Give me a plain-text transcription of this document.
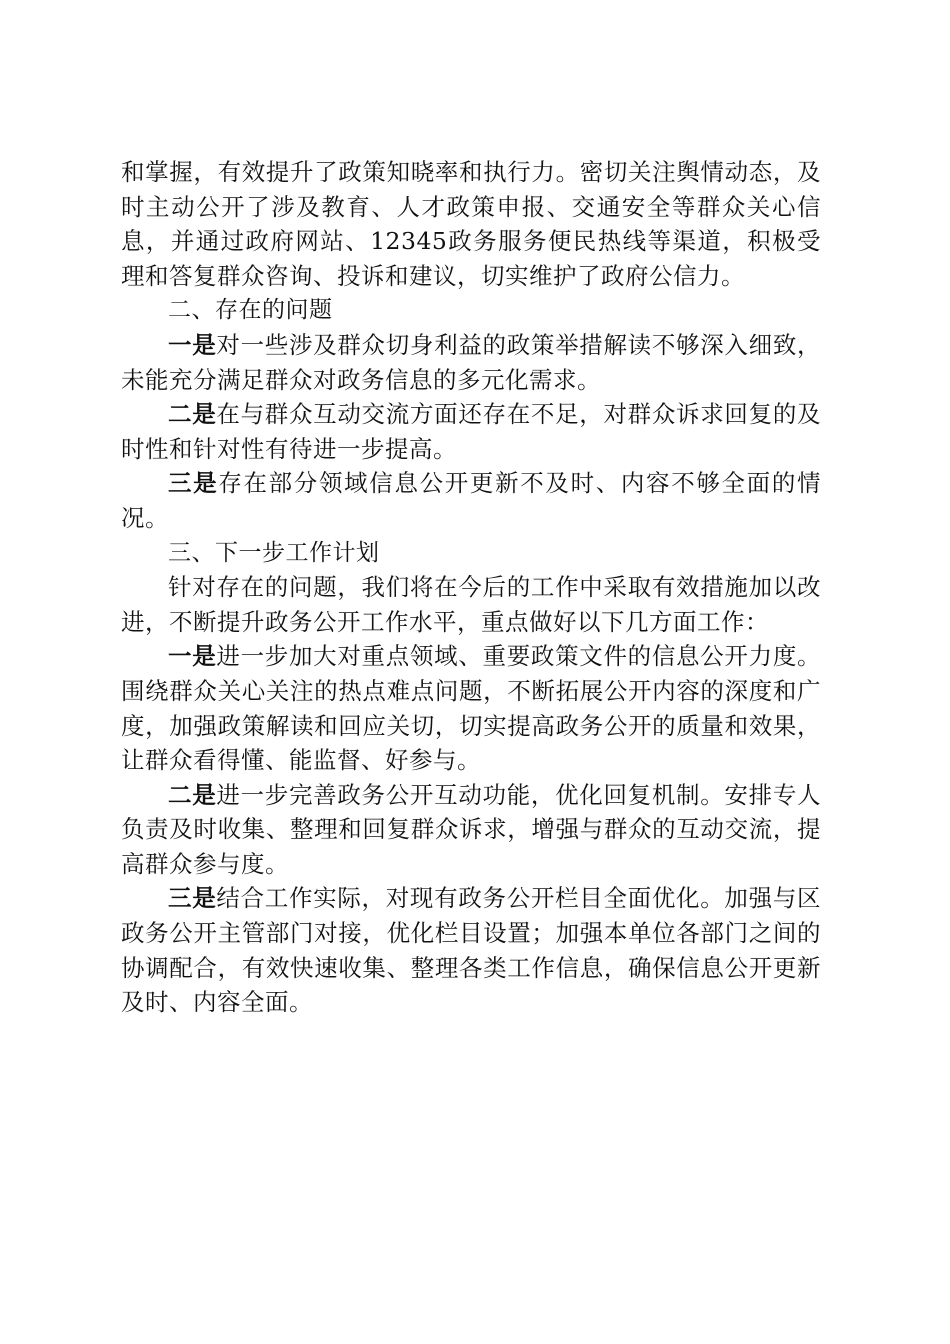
和掌握，有效提升了政策知晓率和执行力。密切关注舆情动态，及时主动公开了涉及教育、人才政策申报、交通安全等群众关心信息，并通过政府网站、12345政务服务便民热线等渠道，积极受理和答复群众咨询、投诉和建议，切实维护了政府公信力。

二、存在的问题

一是对一些涉及群众切身利益的政策举措解读不够深入细致，未能充分满足群众对政务信息的多元化需求。

二是在与群众互动交流方面还存在不足，对群众诉求回复的及时性和针对性有待进一步提高。

三是存在部分领域信息公开更新不及时、内容不够全面的情况。

三、下一步工作计划

针对存在的问题，我们将在今后的工作中采取有效措施加以改进，不断提升政务公开工作水平，重点做好以下几方面工作：

一是进一步加大对重点领域、重要政策文件的信息公开力度。围绕群众关心关注的热点难点问题，不断拓展公开内容的深度和广度，加强政策解读和回应关切，切实提高政务公开的质量和效果，让群众看得懂、能监督、好参与。

二是进一步完善政务公开互动功能，优化回复机制。安排专人负责及时收集、整理和回复群众诉求，增强与群众的互动交流，提高群众参与度。

三是结合工作实际，对现有政务公开栏目全面优化。加强与区政务公开主管部门对接，优化栏目设置；加强本单位各部门之间的协调配合，有效快速收集、整理各类工作信息，确保信息公开更新及时、内容全面。
